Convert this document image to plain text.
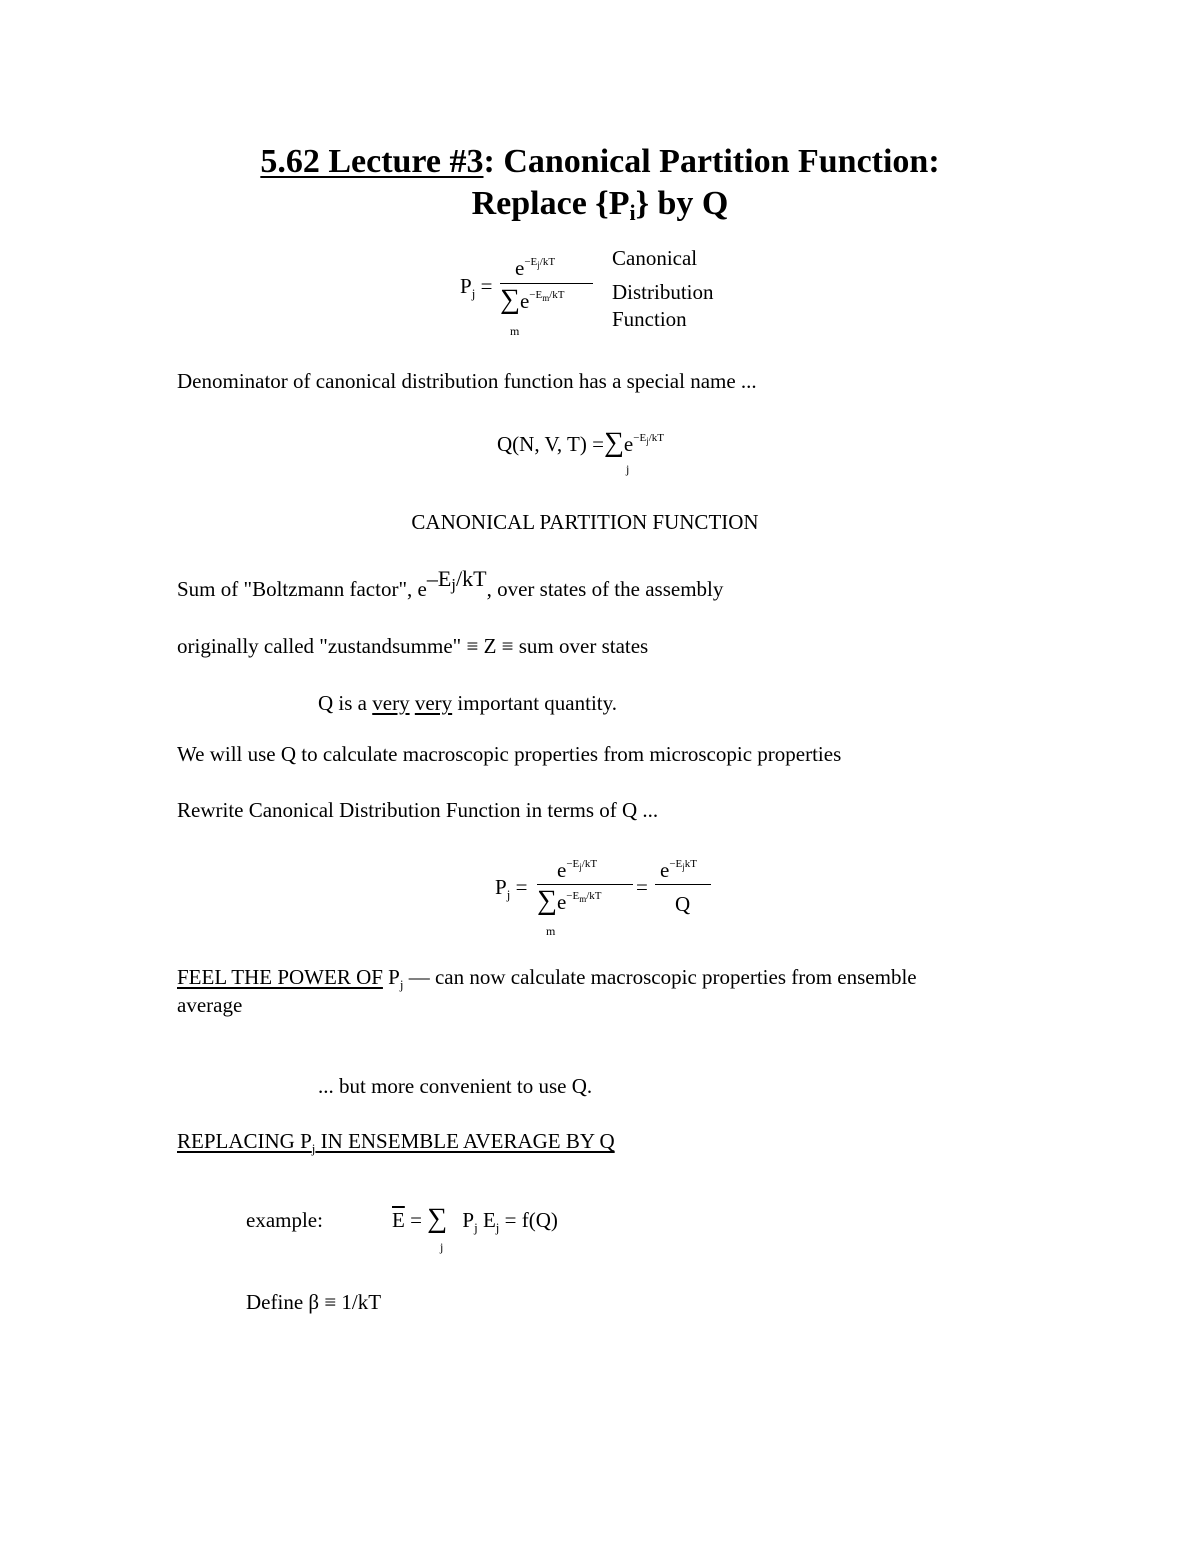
5.62 Lecture #3: Canonical Partition Function:
Replace {Pi} by Q
$P_j$ =
$e^{-Ej/kT}$
$\sum e^{-Em/kT}$
m
Canonical
Distribution
Function
Denominator of canonical distribution function has a special name ...
Q(N, V, $T) =\sum e^{-Ej/kT}$
j
CANONICAL PARTITION FUNCTION
Sum of "Boltzmann factor", $e-E^j/kT$, over states of the assembly
originally called "zustandsumme" ≡ Z ≡ sum over states
Q is a very very important quantity.
We will use Q to calculate macroscopic properties from microscopic properties
Rewrite Canonical Distribution Function in terms of Q ...
$P_j$ =
$e^{-Ej/kT}$
$\sum e^{-Em/kT}$
m
=
$e^{-EjkT}$
Q
FEEL THE POWER OF $P_j$ — can now calculate macroscopic properties from ensemble
average
... but more convenient to use Q.
REPLACING $P_j$ IN ENSEMBLE AVERAGE BY Q
example:	$\overline{E}$ = ∑ $P_j$ $E_j = f(Q)$
j
Define β ≡ 1/kT
